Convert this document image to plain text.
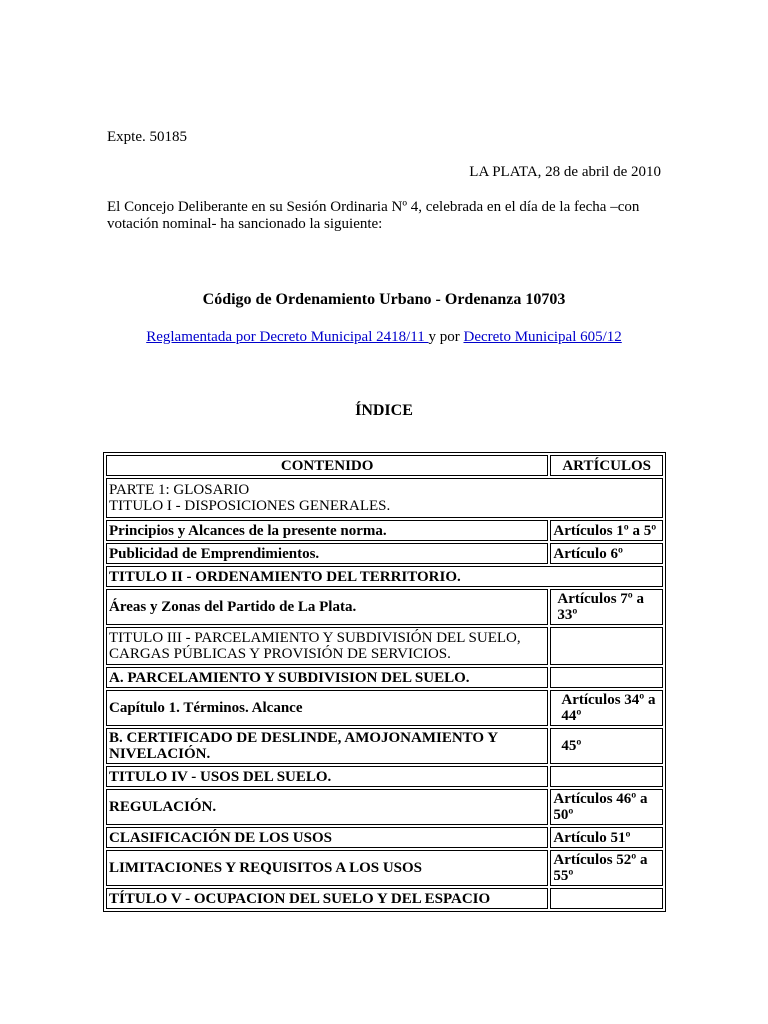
Expte. 50185

LA PLATA, 28 de abril de 2010

El Concejo Deliberante en su Sesión Ordinaria Nº 4, celebrada en el día de la fecha –con votación nominal- ha sancionado la siguiente:

Código de Ordenamiento Urbano - Ordenanza 10703

Reglamentada por Decreto Municipal 2418/11 y por Decreto Municipal 605/12

ÍNDICE

CONTENIDO	ARTÍCULOS

PARTE 1: GLOSARIO
TITULO I - DISPOSICIONES GENERALES.	

Principios y Alcances de la presente norma.	Artículos 1º a 5º
Publicidad de Emprendimientos.	Artículo 6º
TITULO II - ORDENAMIENTO DEL TERRITORIO.	
Áreas y Zonas del Partido de La Plata.	Artículos 7º a 33º
TITULO III - PARCELAMIENTO Y SUBDIVISIÓN DEL SUELO, CARGAS PÚBLICAS Y PROVISIÓN DE SERVICIOS.	
A. PARCELAMIENTO Y SUBDIVISION DEL SUELO.	
Capítulo 1. Términos. Alcance	Artículos 34º a 44º
B. CERTIFICADO DE DESLINDE, AMOJONAMIENTO Y NIVELACIÓN.	45º
TITULO IV - USOS DEL SUELO.	
REGULACIÓN.	Artículos 46º a 50º
CLASIFICACIÓN DE LOS USOS	Artículo 51º
LIMITACIONES Y REQUISITOS A LOS USOS	Artículos 52º a 55º
TÍTULO V - OCUPACION DEL SUELO Y DEL ESPACIO	
